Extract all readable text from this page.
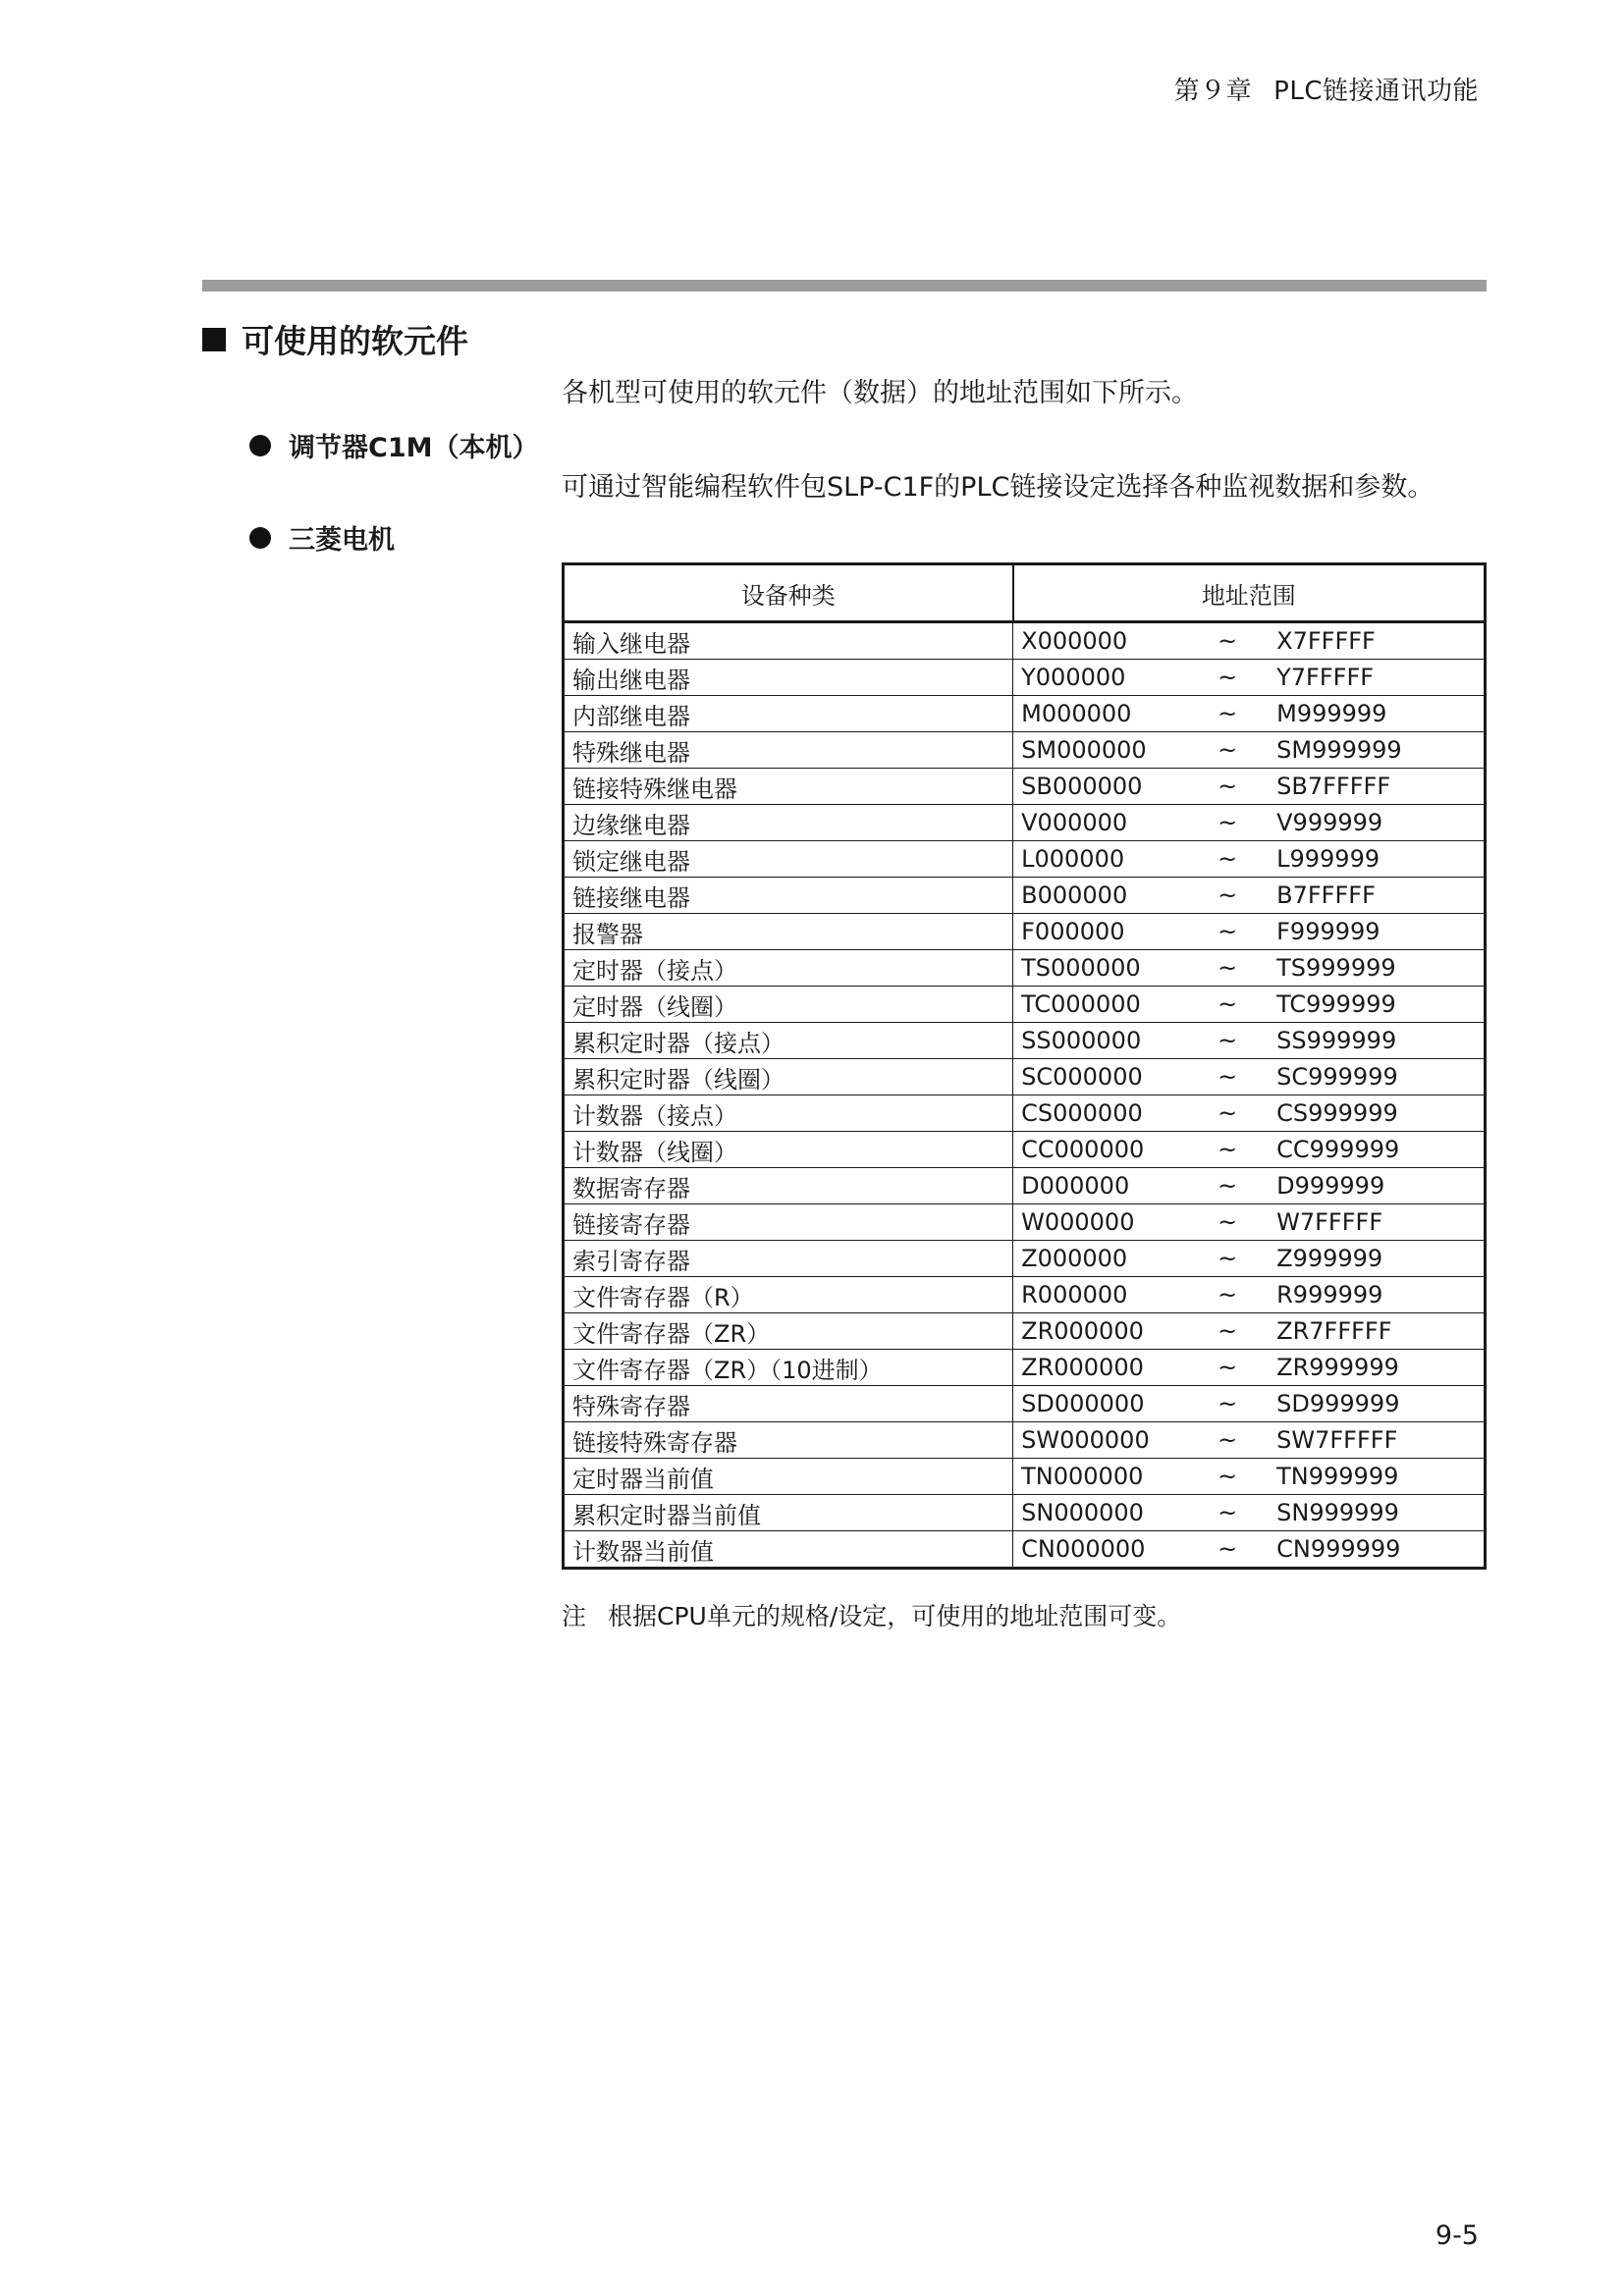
第９章 PLC链接通讯功能
可使用的软元件
各机型可使用的软元件（数据）的地址范围如下所示。
调节器C1M（本机）
可通过智能编程软件包SLP-C1F的PLC链接设定选择各种监视数据和参数。
三菱电机
设备种类	地址范围
输入继电器	X000000 ~ X7FFFFF

输出继电器	Y000000 ~ Y7FFFFF

内部继电器	M000000 ~ M999999

特殊继电器	SM000000 ~ SM999999

链接特殊继电器	SB000000 ~ SB7FFFFF

边缘继电器	V000000 ~ V999999

锁定继电器	L000000 ~ L999999

链接继电器	B000000 ~ B7FFFFF

报警器	F000000 ~ F999999

定时器（接点）	TS000000 ~ TS999999

定时器（线圈）	TC000000 ~ TC999999

累积定时器（接点）	SS000000 ~ SS999999

累积定时器（线圈）	SC000000 ~ SC999999

计数器（接点）	CS000000 ~ CS999999

计数器（线圈）	CC000000 ~ CC999999

数据寄存器	D000000 ~ D999999

链接寄存器	W000000 ~ W7FFFFF

索引寄存器	Z000000 ~ Z999999

文件寄存器（R）	R000000 ~ R999999

文件寄存器（ZR）	ZR000000 ~ ZR7FFFFF

文件寄存器（ZR）（10进制）	ZR000000 ~ ZR999999

特殊寄存器	SD000000 ~ SD999999

链接特殊寄存器	SW000000 ~ SW7FFFFF

定时器当前值	TN000000 ~ TN999999

累积定时器当前值	SN000000 ~ SN999999

计数器当前值	CN000000 ~ CN999999
注 根据CPU单元的规格/设定，可使用的地址范围可变。
9-5
